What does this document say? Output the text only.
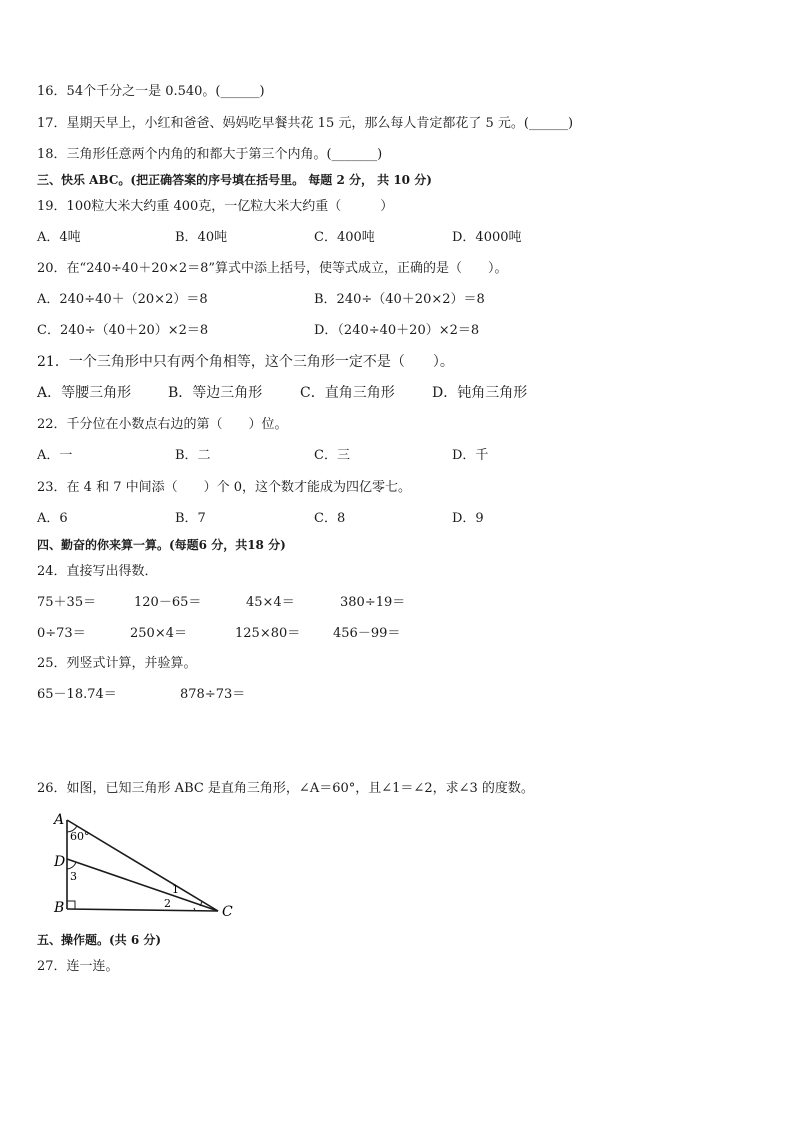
16．54个千分之一是 0.540。(______)
17．星期天早上，小红和爸爸、妈妈吃早餐共花 15 元，那么每人肯定都花了 5 元。(______)
18．三角形任意两个内角的和都大于第三个内角。(_______)
三、快乐 ABC。(把正确答案的序号填在括号里。 每题 2 分， 共 10 分)
19．100粒大米大约重 400克，一亿粒大米大约重（　　　）
A．4吨	B．40吨	C．400吨	D．4000吨
20．在“240÷40＋20×2＝8”算式中添上括号，使等式成立，正确的是（　　）。
A．240÷40＋（20×2）＝8	B．240÷（40＋20×2）＝8
C．240÷（40＋20）×2＝8	D．（240÷40＋20）×2＝8
21．一个三角形中只有两个角相等，这个三角形一定不是（　　）。
A．等腰三角形	B．等边三角形	C．直角三角形	D．钝角三角形
22．千分位在小数点右边的第（　　）位。
A．一	B．二	C．三	D．千
23．在 4 和 7 中间添（　　）个 0，这个数才能成为四亿零七。
A．6	B．7	C．8	D．9
四、勤奋的你来算一算。(每题6 分，共18 分)
24．直接写出得数．
75＋35＝	120－65＝	45×4＝	380÷19＝
0÷73＝	250×4＝	125×80＝	456－99＝
25．列竖式计算，并验算。
65－18.74＝	878÷73＝
26．如图，已知三角形 ABC 是直角三角形，∠A＝60°，且∠1＝∠2，求∠3 的度数。
A
60°
D
3
B	C
1
2
五、操作题。(共 6 分)
27．连一连。
